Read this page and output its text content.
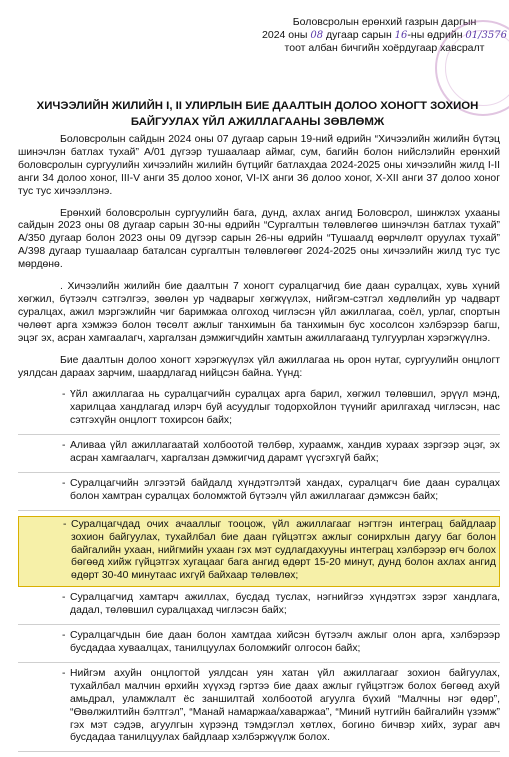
Боловсролын ерөнхий газрын даргын
2024 оны 08 дугаар сарын 16-ны өдрийн 01/3576
тоот албан бичгийн хоёрдугаар хавсралт
ХИЧЭЭЛИЙН ЖИЛИЙН I, II УЛИРЛЫН БИЕ ДААЛТЫН ДОЛОО ХОНОГТ ЗОХИОН
БАЙГУУЛАХ ҮЙЛ АЖИЛЛАГААНЫ ЗӨВЛӨМЖ

Боловсролын сайдын 2024 оны 07 дугаар сарын 19-ний өдрийн “Хичээлийн жилийн бүтэц шинэчлэн батлах тухай” А/01 дүгээр тушаалаар аймаг, сум, багийн болон нийслэлийн ерөнхий боловсролын сургуулийн хичээлийн жилийн бүтцийг батлахдаа 2024-2025 оны хичээлийн жилд I-II анги 34 долоо хоног, III-V анги 35 долоо хоног, VI-IX анги 36 долоо хоног, X-XII анги 37 долоо хоног тус тус хичээллэнэ.

Ерөнхий боловсролын сургуулийн бага, дунд, ахлах ангид Боловсрол, шинжлэх ухааны сайдын 2023 оны 08 дугаар сарын 30-ны өдрийн “Сургалтын төлөвлөгөө шинэчлэн батлах тухай” А/350 дугаар болон 2023 оны 09 дүгээр сарын 26-ны өдрийн “Тушаалд өөрчлөлт оруулах тухай” А/398 дугаар тушаалаар баталсан сургалтын төлөвлөгөөг 2024-2025 оны хичээлийн жилд тус тус мөрдөнө.

. Хичээлийн жилийн бие даалтын 7 хоногт суралцагчид бие даан суралцах, хувь хүний хөгжил, бүтээлч сэтгэлгээ, зөөлөн ур чадварыг хөгжүүлэх, нийгэм-сэтгэл хөдлөлийн ур чадварт суралцах, ажил мэргэжлийн чиг баримжаа олгоход чиглэсэн үйл ажиллагаа, соёл, урлаг, спортын чөлөөт арга хэмжээ болон төсөлт ажлыг танхимын ба танхимын бус хосолсон хэлбэрээр багш, эцэг эх, асран хамгаалагч, харгалзан дэмжигчдийн хамтын ажиллагаанд тулгуурлан хэрэгжүүлнэ.

Бие даалтын долоо хоногт хэрэгжүүлэх үйл ажиллагаа нь орон нутаг, сургуулийн онцлогт уялдсан дараах зарчим, шаардлагад нийцсэн байна. Үүнд:

- Үйл ажиллагаа нь суралцагчийн суралцах арга барил, хөгжил төлөвшил, эрүүл мэнд, харилцаа хандлагад илэрч буй асуудлыг тодорхойлон түүнийг арилгахад чиглэсэн, нас сэтгэхүйн онцлогт тохирсон байх;
- Аливаа үйл ажиллагаатай холбоотой төлбөр, хураамж, хандив хураах зэргээр эцэг, эх асран хамгаалагч, харгалзан дэмжигчид дарамт үүсгэхгүй байх;
- Суралцагчийн элгээтэй байдалд хүндэтгэлтэй хандах, суралцагч бие даан суралцах болон хамтран суралцах боломжтой бүтээлч үйл ажиллагааг дэмжсэн байх;
- Суралцагчдад очих ачааллыг тооцож, үйл ажиллагааг нэгтгэн интеграц байдлаар зохион байгуулах, тухайлбал бие даан гүйцэтгэх ажлыг сонирхлын дагуу баг болон байгалийн ухаан, нийгмийн ухаан гэх мэт судлагдахууны интеграц хэлбэрээр өгч болох бөгөөд хийж гүйцэтгэх хугацааг бага ангид өдөрт 15-20 минут, дунд болон ахлах ангид өдөрт 30-40 минутаас ихгүй байхаар төлөвлөх;
- Суралцагчид хамтарч ажиллах, бусдад туслах, нэгнийгээ хүндэтгэх зэрэг хандлага, дадал, төлөвшил суралцахад чиглэсэн байх;
- Суралцагчдын бие даан болон хамтдаа хийсэн бүтээлч ажлыг олон арга, хэлбэрээр бусдадаа хуваалцах, танилцуулах боломжийг олгосон байх;
- Нийгэм ахуйн онцлогтой уялдсан уян хатан үйл ажиллагааг зохион байгуулах, тухайлбал малчин өрхийн хүүхэд гэртээ бие даах ажлыг гүйцэтгэж болох бөгөөд ахуй амьдрал, уламжлалт ёс заншилтай холбоотой агуулга бүхий “Малчны нэг өдөр”, “Өвөлжилтийн бэлтгэл”, “Манай намаржаа/хаваржаа”, “Миний нутгийн байгалийн үзэмж” гэх мэт сэдэв, агуулгын хүрээнд тэмдэглэл хөтлөх, богино бичвэр хийх, зураг авч бусдадаа танилцуулах байдлаар хэлбэржүүлж болох.
